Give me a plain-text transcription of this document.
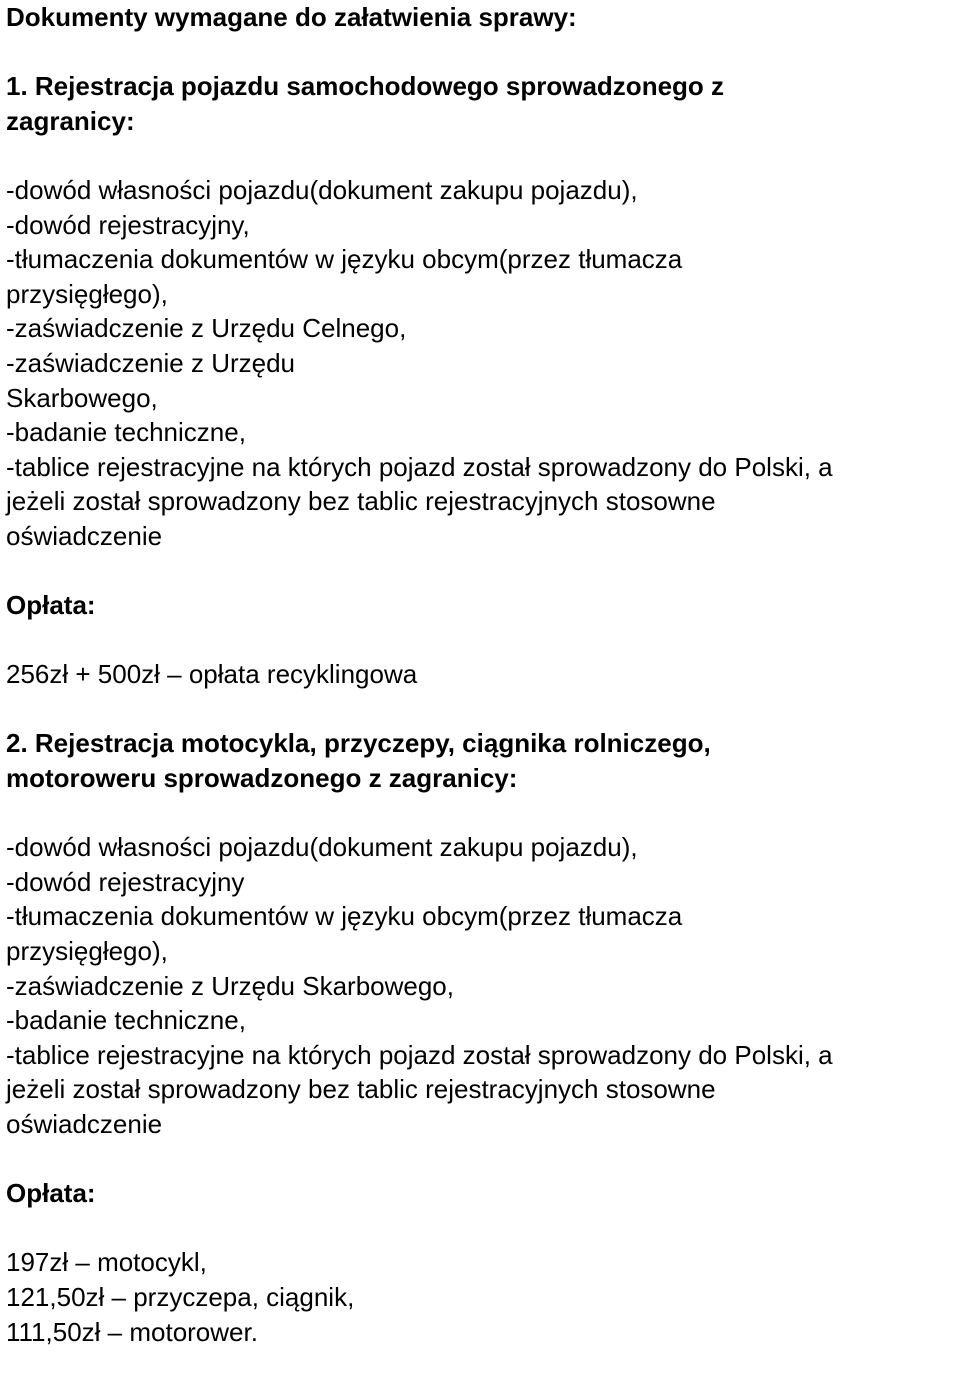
Dokumenty wymagane do załatwienia sprawy:
1. Rejestracja pojazdu samochodowego sprowadzonego z
zagranicy:
-dowód własności pojazdu(dokument zakupu pojazdu),
-dowód rejestracyjny,
-tłumaczenia dokumentów w języku obcym(przez tłumacza
przysięgłego),
-zaświadczenie z Urzędu Celnego,
-zaświadczenie z Urzędu
Skarbowego,
-badanie techniczne,
-tablice rejestracyjne na których pojazd został sprowadzony do Polski, a
jeżeli został sprowadzony bez tablic rejestracyjnych stosowne
oświadczenie
Opłata:
256zł + 500zł – opłata recyklingowa
2. Rejestracja motocykla, przyczepy, ciągnika rolniczego,
motoroweru sprowadzonego z zagranicy:
-dowód własności pojazdu(dokument zakupu pojazdu),
-dowód rejestracyjny
-tłumaczenia dokumentów w języku obcym(przez tłumacza
przysięgłego),
-zaświadczenie z Urzędu Skarbowego,
-badanie techniczne,
-tablice rejestracyjne na których pojazd został sprowadzony do Polski, a
jeżeli został sprowadzony bez tablic rejestracyjnych stosowne
oświadczenie
Opłata:
197zł – motocykl,
121,50zł – przyczepa, ciągnik,
111,50zł – motorower.
